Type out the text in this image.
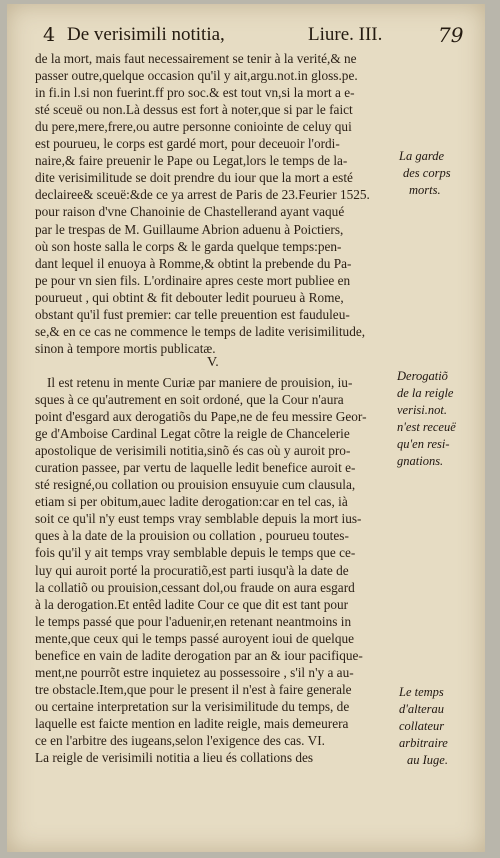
4 De verisimili notitia,	Liure. III.	79
de la mort, mais faut necessairement se tenir à la verité,& ne
passer outre,quelque occasion qu'il y ait,argu.not.in gloss.pe.
in fi.in l.si non fuerint.ff pro soc.& est tout vn,si la mort a e-
sté sceuë ou non.Là dessus est fort à noter,que si par le faict
du pere,mere,frere,ou autre personne coniointe de celuy qui
est pourueu, le corps est gardé mort, pour deceuoir l'ordi-
naire,& faire preuenir le Pape ou Legat,lors le temps de la-
dite verisimilitude se doit prendre du iour que la mort a esté
declairee& sceuë:&de ce ya arrest de Paris de 23.Feurier 1525.
pour raison d'vne Chanoinie de Chastellerand ayant vaqué
par le trespas de M. Guillaume Abrion aduenu à Poictiers,
où son hoste salla le corps & le garda quelque temps:pen-
dant lequel il enuoya à Romme,& obtint la prebende du Pa-
pe pour vn sien fils. L'ordinaire apres ceste mort publiee en
pourueut , qui obtint & fit debouter ledit pourueu à Rome,
obstant qu'il fust premier: car telle preuention est fauduleu-
se,& en ce cas ne commence le temps de ladite verisimilitude,
sinon à tempore mortis publicatæ.
V.
Il est retenu in mente Curiæ par maniere de prouision, iu-
sques à ce qu'autrement en soit ordoné, que la Cour n'aura
point d'esgard aux derogatiõs du Pape,ne de feu messire Geor-
ge d'Amboise Cardinal Legat cõtre la reigle de Chancelerie
apostolique de verisimili notitia,sinõ és cas où y auroit pro-
curation passee, par vertu de laquelle ledit benefice auroit e-
sté resigné,ou collation ou prouision ensuyuie cum clausula,
etiam si per obitum,auec ladite derogation:car en tel cas, ià
soit ce qu'il n'y eust temps vray semblable depuis la mort ius-
ques à la date de la prouision ou collation , pourueu toutes-
fois qu'il y ait temps vray semblable depuis le temps que ce-
luy qui auroit porté la procuratiõ,est parti iusqu'à la date de
la collatiõ ou prouision,cessant dol,ou fraude on aura esgard
à la derogation.Et entêd ladite Cour ce que dit est tant pour
le temps passé que pour l'aduenir,en retenant neantmoins in
mente,que ceux qui le temps passé auroyent ioui de quelque
benefice en vain de ladite derogation par an & iour pacifique-
ment,ne pourrõt estre inquietez au possessoire , s'il n'y a au-
tre obstacle.Item,que pour le present il n'est à faire generale
ou certaine interpretation sur la verisimilitude du temps, de
laquelle est faicte mention en ladite reigle, mais demeurera
ce en l'arbitre des iugeans,selon l'exigence des cas. VI.
La reigle de verisimili notitia a lieu és collations des
La garde
des corps
morts.
Derogatiõ
de la reigle
verisi.not.
n'est receuë
qu'en resi-
gnations.
Le temps
d'alterau
collateur
arbitraire
au Iuge.
